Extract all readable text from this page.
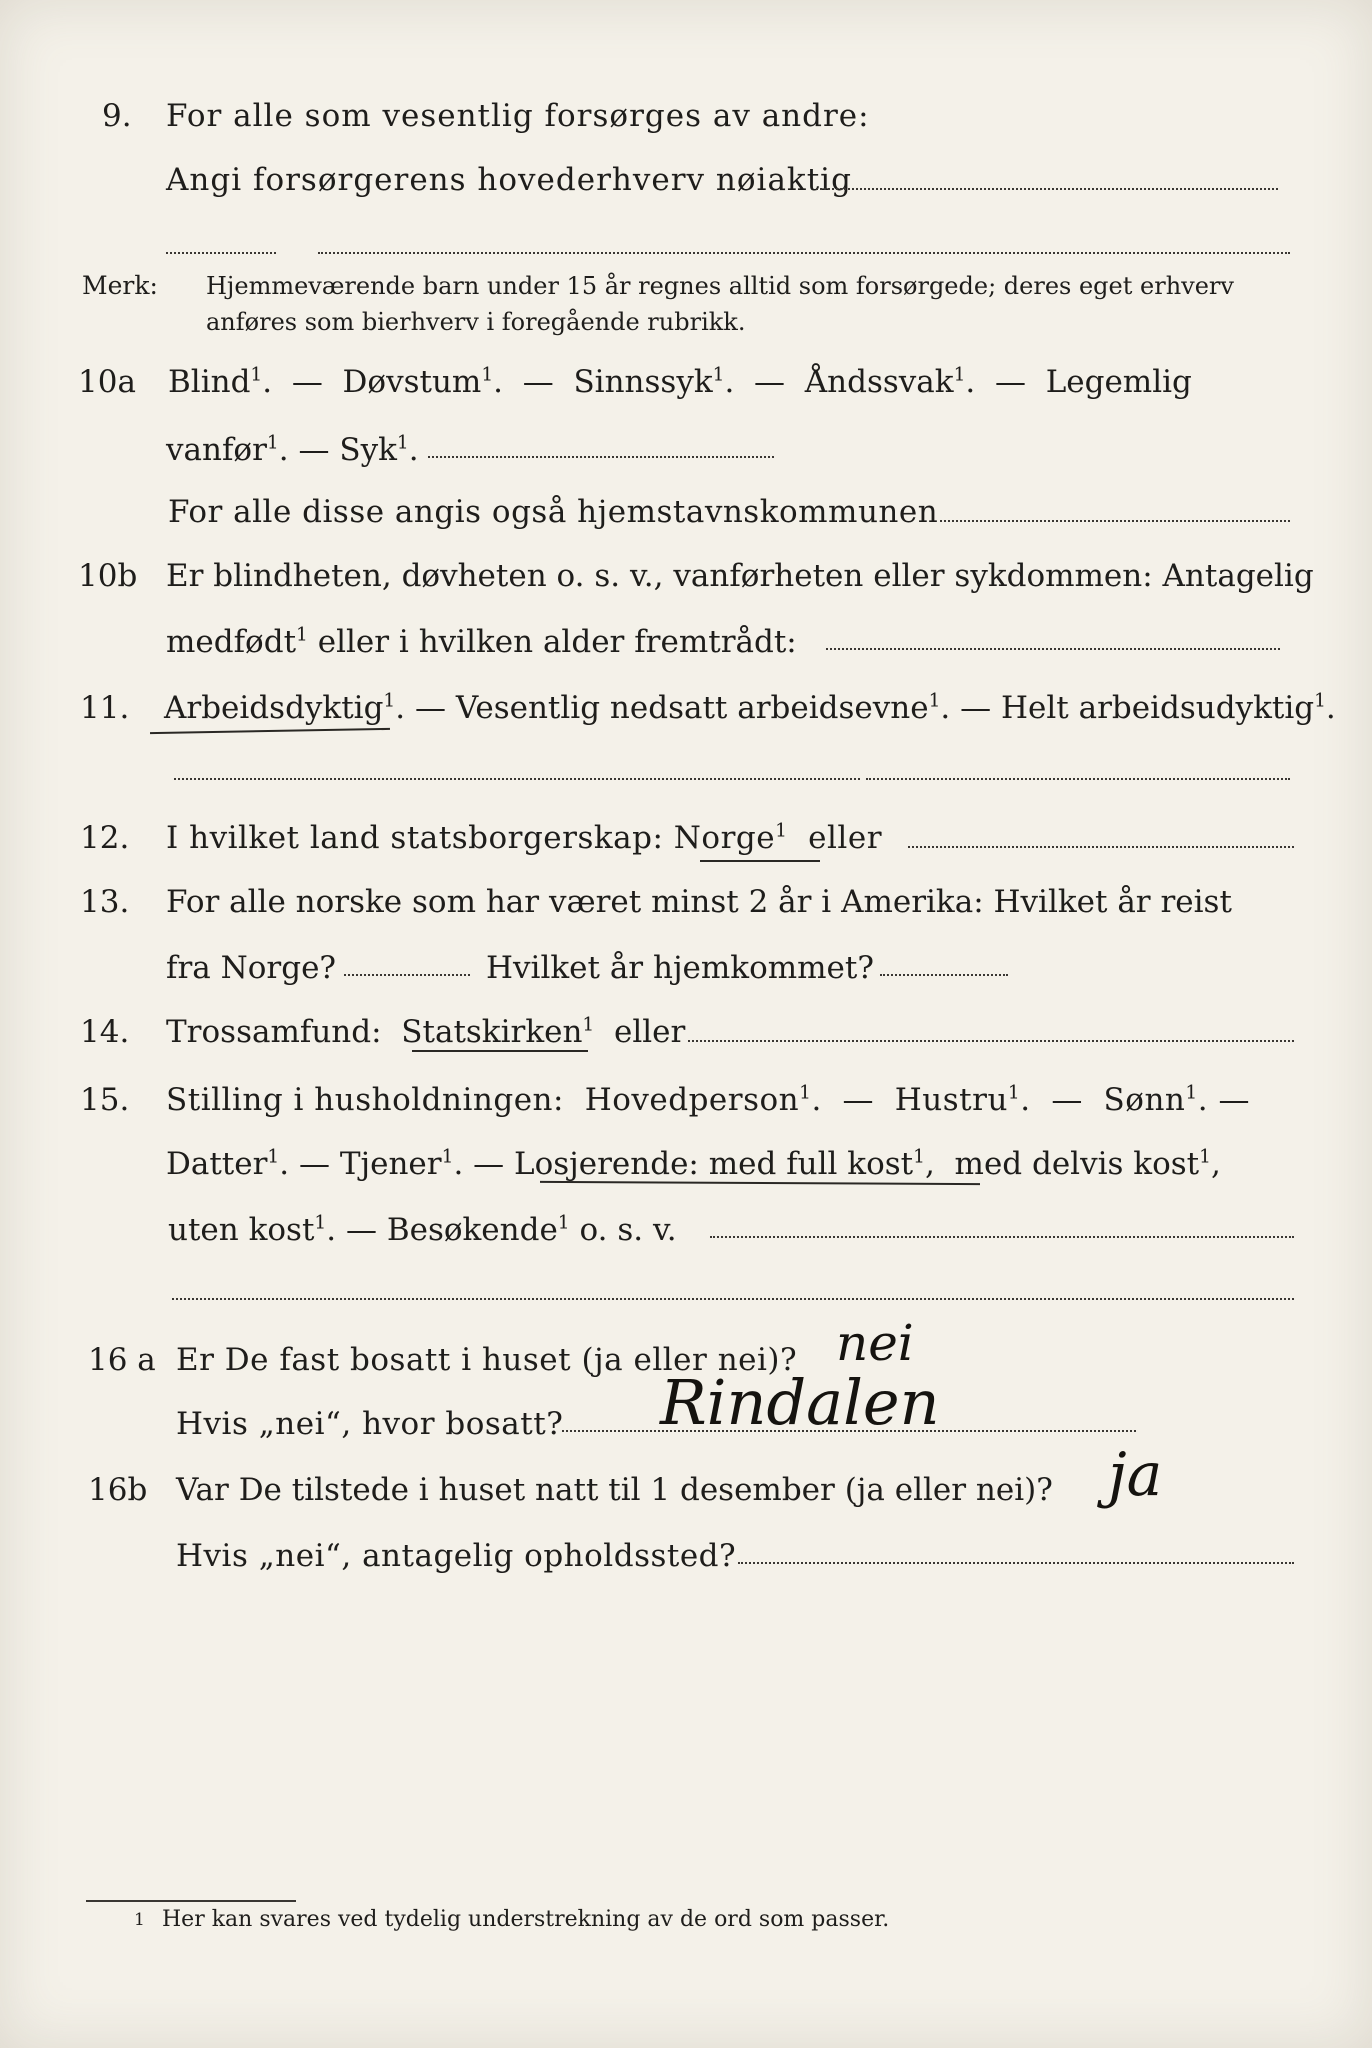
9. For alle som vesentlig forsørges av andre:
Angi forsørgerens hovederhverv nøiaktig
Merk: Hjemmeværende barn under 15 år regnes alltid som forsørgede; deres eget erhverv
anføres som bierhverv i foregående rubrikk.
10a Blind$^1$.  —  Døvstum$^1$.  —  Sinnssyk$^1$.  —  Åndssvak$^1$.  —  Legemlig
vanfør$^1$. — Syk$^1$.
For alle disse angis også hjemstavnskommunen
10b Er blindheten, døvheten o. s. v., vanførheten eller sykdommen: Antagelig
medfødt$^1$ eller i hvilken alder fremtrådt:
11. Arbeidsdyktig$^1$. — Vesentlig nedsatt arbeidsevne$^1$. — Helt arbeidsudyktig$^1$.
12. I hvilket land statsborgerskap: Norge$^1$ eller
13. For alle norske som har været minst 2 år i Amerika: Hvilket år reist
fra Norge?	Hvilket år hjemkommet?
14. Trossamfund: Statskirken$^1$ eller
15. Stilling i husholdningen: Hovedperson$^1$.  —  Hustru$^1$.  —  Sønn$^1$. —
Datter$^1$. — Tjener$^1$. — Losjerende: med full kost$^1$,  med delvis kost$^1$,
uten kost$^1$. — Besøkende$^1$ o. s. v.
16 a Er De fast bosatt i huset (ja eller nei)? nei
Hvis „nei“, hvor bosatt? Rindalen
16b Var De tilstede i huset natt til 1 desember (ja eller nei)? ja
Hvis „nei“, antagelig opholdssted?
1 Her kan svares ved tydelig understrekning av de ord som passer.
